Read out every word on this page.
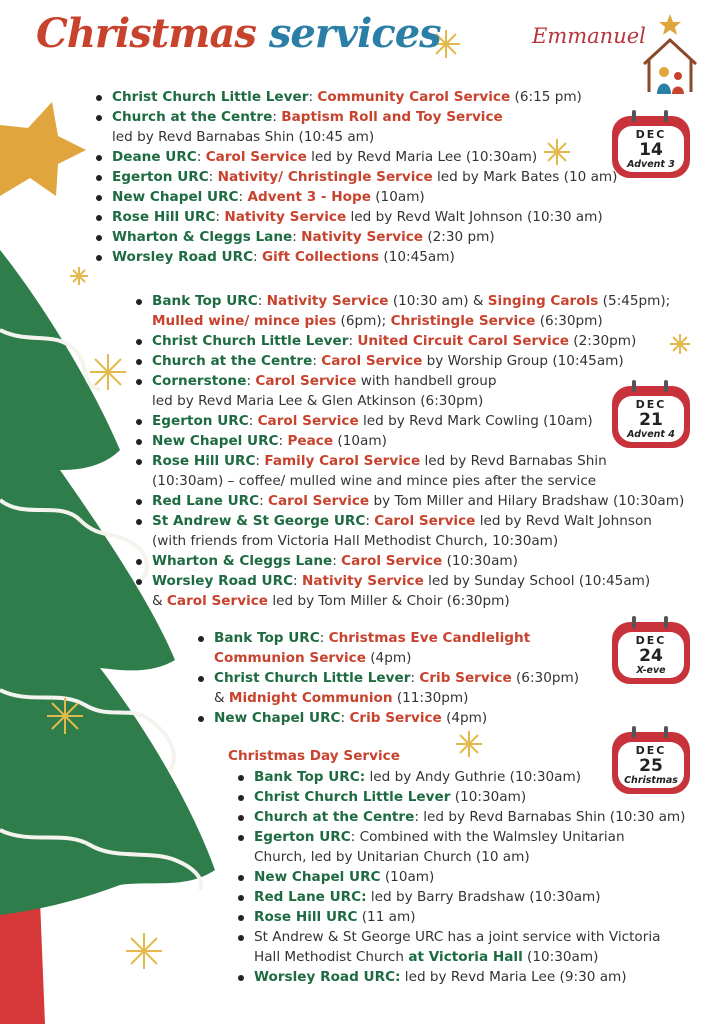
Christmas services	Emmanuel
Christ Church Little Lever: Community Carol Service (6:15 pm)
Church at the Centre: Baptism Roll and Toy Service
led by Revd Barnabas Shin (10:45 am)
Deane URC: Carol Service led by Revd Maria Lee (10:30am)
Egerton URC: Nativity/ Christingle Service led by Mark Bates (10 am)
New Chapel URC: Advent 3 - Hope (10am)
Rose Hill URC: Nativity Service led by Revd Walt Johnson (10:30 am)
Wharton & Cleggs Lane: Nativity Service (2:30 pm)
Worsley Road URC: Gift Collections (10:45am)
Bank Top URC: Nativity Service (10:30 am) & Singing Carols (5:45pm);
Mulled wine/ mince pies (6pm); Christingle Service (6:30pm)
Christ Church Little Lever: United Circuit Carol Service (2:30pm)
Church at the Centre: Carol Service by Worship Group (10:45am)
Cornerstone: Carol Service with handbell group
led by Revd Maria Lee & Glen Atkinson (6:30pm)
Egerton URC: Carol Service led by Revd Mark Cowling (10am)
New Chapel URC: Peace (10am)
Rose Hill URC: Family Carol Service led by Revd Barnabas Shin
(10:30am) – coffee/ mulled wine and mince pies after the service
Red Lane URC: Carol Service by Tom Miller and Hilary Bradshaw (10:30am)
St Andrew & St George URC: Carol Service led by Revd Walt Johnson
(with friends from Victoria Hall Methodist Church, 10:30am)
Wharton & Cleggs Lane: Carol Service (10:30am)
Worsley Road URC: Nativity Service led by Sunday School (10:45am)
& Carol Service led by Tom Miller & Choir (6:30pm)
Bank Top URC: Christmas Eve Candlelight
Communion Service (4pm)
Christ Church Little Lever: Crib Service (6:30pm)
& Midnight Communion (11:30pm)
New Chapel URC: Crib Service (4pm)
Christmas Day Service
Bank Top URC: led by Andy Guthrie (10:30am)
Christ Church Little Lever (10:30am)
Church at the Centre: led by Revd Barnabas Shin (10:30 am)
Egerton URC: Combined with the Walmsley Unitarian
Church, led by Unitarian Church (10 am)
New Chapel URC (10am)
Red Lane URC: led by Barry Bradshaw (10:30am)
Rose Hill URC (11 am)
St Andrew & St George URC has a joint service with Victoria
Hall Methodist Church at Victoria Hall (10:30am)
Worsley Road URC: led by Revd Maria Lee (9:30 am)
DEC
14
Advent 3
DEC
21
Advent 4
DEC
24
X-eve
DEC
25
Christmas
